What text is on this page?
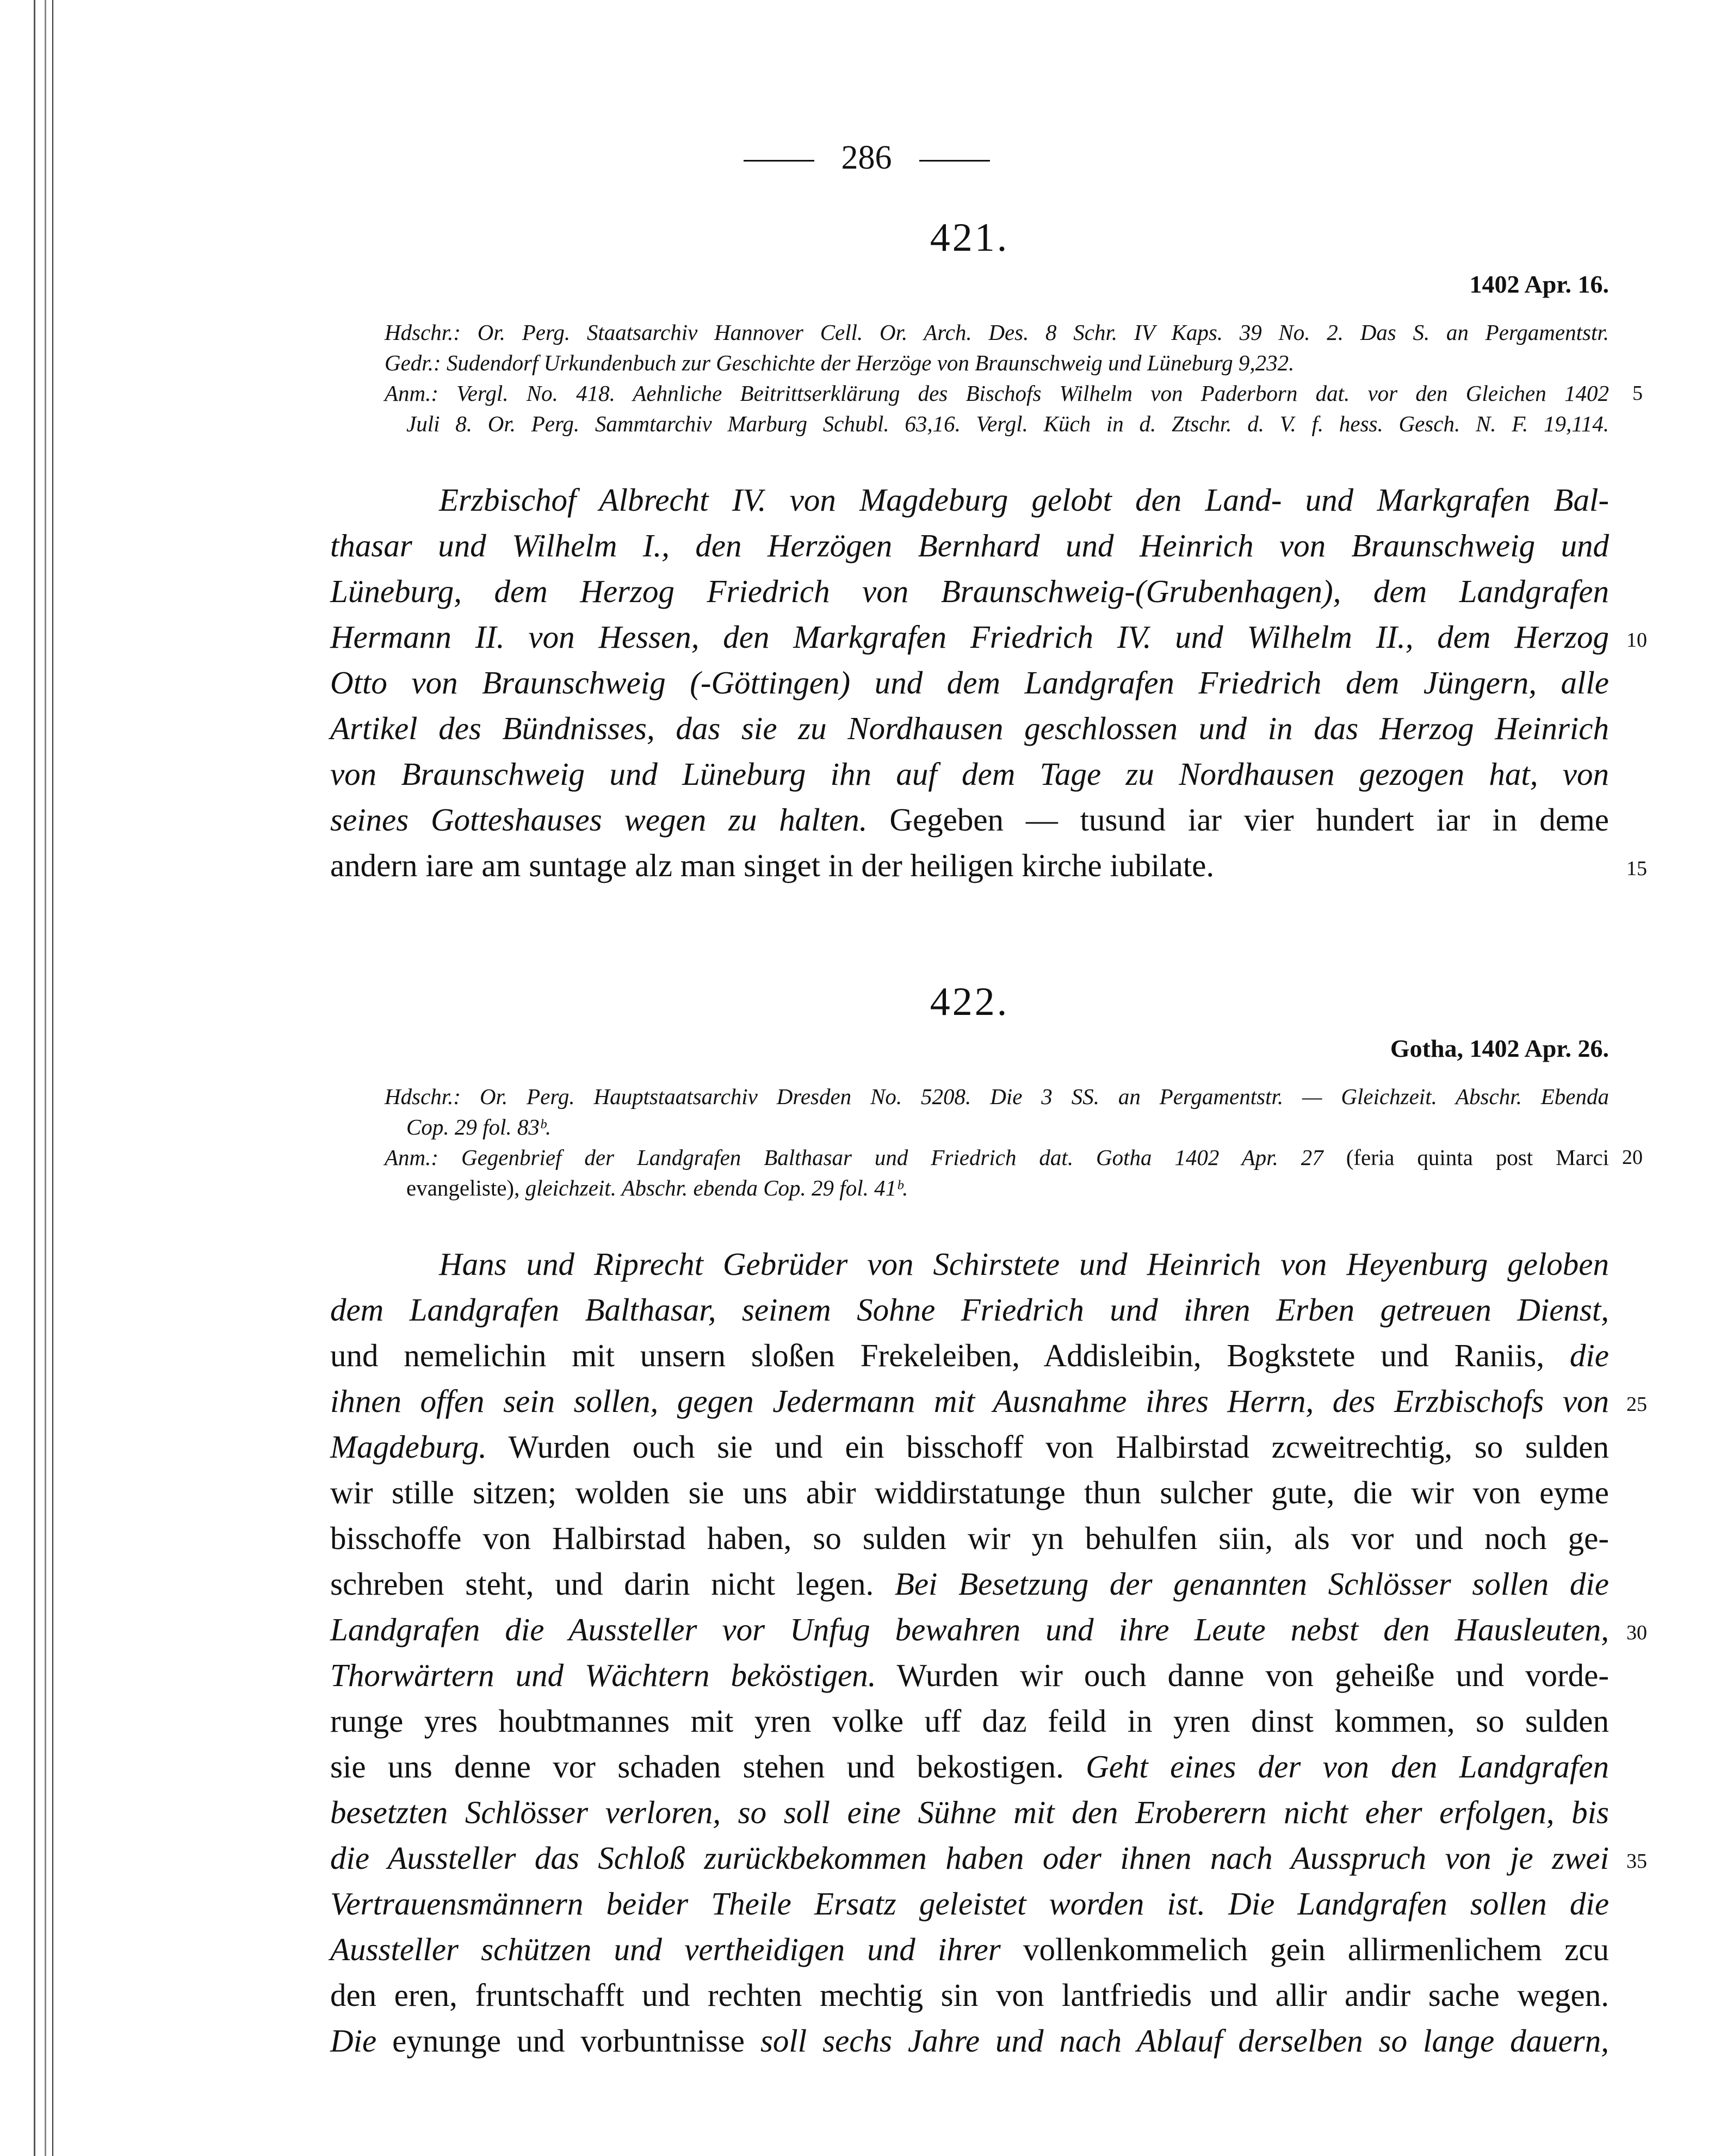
286
421.
1402 Apr. 16.
Hdschr.: Or. Perg. Staatsarchiv Hannover Cell. Or. Arch. Des. 8 Schr. IV Kaps. 39 No. 2. Das S. an Pergamentstr.
Gedr.: Sudendorf Urkundenbuch zur Geschichte der Herzöge von Braunschweig und Lüneburg 9,232.
Anm.: Vergl. No. 418. Aehnliche Beitrittserklärung des Bischofs Wilhelm von Paderborn dat. vor den Gleichen 1402 5
Juli 8. Or. Perg. Sammtarchiv Marburg Schubl. 63,16. Vergl. Küch in d. Ztschr. d. V. f. hess. Gesch. N. F. 19,114.
Erzbischof Albrecht IV. von Magdeburg gelobt den Land- und Markgrafen Bal-
thasar und Wilhelm I., den Herzögen Bernhard und Heinrich von Braunschweig und
Lüneburg, dem Herzog Friedrich von Braunschweig-(Grubenhagen), dem Landgrafen
Hermann II. von Hessen, den Markgrafen Friedrich IV. und Wilhelm II., dem Herzog 10
Otto von Braunschweig (-Göttingen) und dem Landgrafen Friedrich dem Jüngern, alle
Artikel des Bündnisses, das sie zu Nordhausen geschlossen und in das Herzog Heinrich
von Braunschweig und Lüneburg ihn auf dem Tage zu Nordhausen gezogen hat, von
seines Gotteshauses wegen zu halten. Gegeben — tusund iar vier hundert iar in deme
andern iare am suntage alz man singet in der heiligen kirche iubilate.	15
422.
Gotha, 1402 Apr. 26.
Hdschr.: Or. Perg. Hauptstaatsarchiv Dresden No. 5208. Die 3 SS. an Pergamentstr. — Gleichzeit. Abschr. Ebenda
Cop. 29 fol. 83ᵇ.
Anm.: Gegenbrief der Landgrafen Balthasar und Friedrich dat. Gotha 1402 Apr. 27 (feria quinta post Marci 20
evangeliste), gleichzeit. Abschr. ebenda Cop. 29 fol. 41ᵇ.
Hans und Riprecht Gebrüder von Schirstete und Heinrich von Heyenburg geloben
dem Landgrafen Balthasar, seinem Sohne Friedrich und ihren Erben getreuen Dienst,
und nemelichin mit unsern sloßen Frekeleiben, Addisleibin, Bogkstete und Raniis, die
ihnen offen sein sollen, gegen Jedermann mit Ausnahme ihres Herrn, des Erzbischofs von 25
Magdeburg. Wurden ouch sie und ein bisschoff von Halbirstad zcweitrechtig, so sulden
wir stille sitzen; wolden sie uns abir widdirstatunge thun sulcher gute, die wir von eyme
bisschoffe von Halbirstad haben, so sulden wir yn behulfen siin, als vor und noch ge-
schreben steht, und darin nicht legen. Bei Besetzung der genannten Schlösser sollen die
Landgrafen die Aussteller vor Unfug bewahren und ihre Leute nebst den Hausleuten, 30
Thorwärtern und Wächtern beköstigen. Wurden wir ouch danne von geheiße und vorde-
runge yres houbtmannes mit yren volke uff daz feild in yren dinst kommen, so sulden
sie uns denne vor schaden stehen und bekostigen. Geht eines der von den Landgrafen
besetzten Schlösser verloren, so soll eine Sühne mit den Eroberern nicht eher erfolgen, bis
die Aussteller das Schloß zurückbekommen haben oder ihnen nach Ausspruch von je zwei 35
Vertrauensmännern beider Theile Ersatz geleistet worden ist. Die Landgrafen sollen die
Aussteller schützen und vertheidigen und ihrer vollenkommelich gein allirmenlichem zcu
den eren, fruntschafft und rechten mechtig sin von lantfriedis und allir andir sache wegen.
Die eynunge und vorbuntnisse soll sechs Jahre und nach Ablauf derselben so lange dauern,
